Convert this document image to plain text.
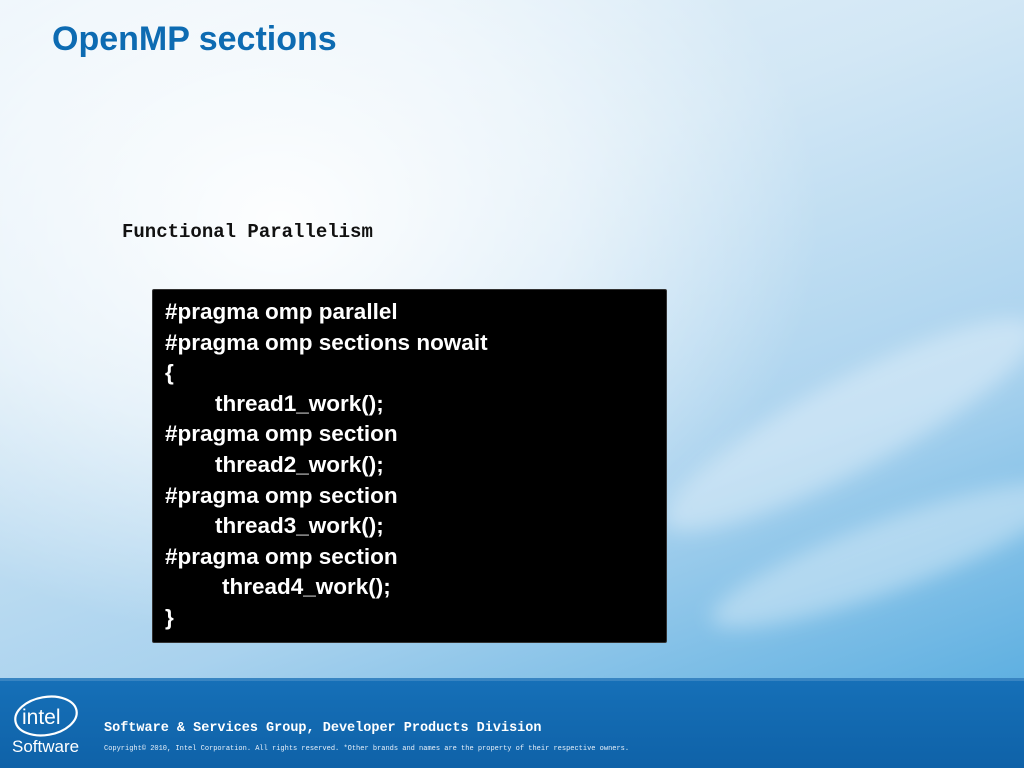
OpenMP sections
Functional Parallelism
#pragma omp parallel
#pragma omp sections nowait
{
thread1_work();
#pragma omp section
thread2_work();
#pragma omp section
thread3_work();
#pragma omp section
thread4_work();
}
intel
Software
Software & Services Group, Developer Products Division
Copyright© 2010, Intel Corporation. All rights reserved. *Other brands and names are the property of their respective owners.
